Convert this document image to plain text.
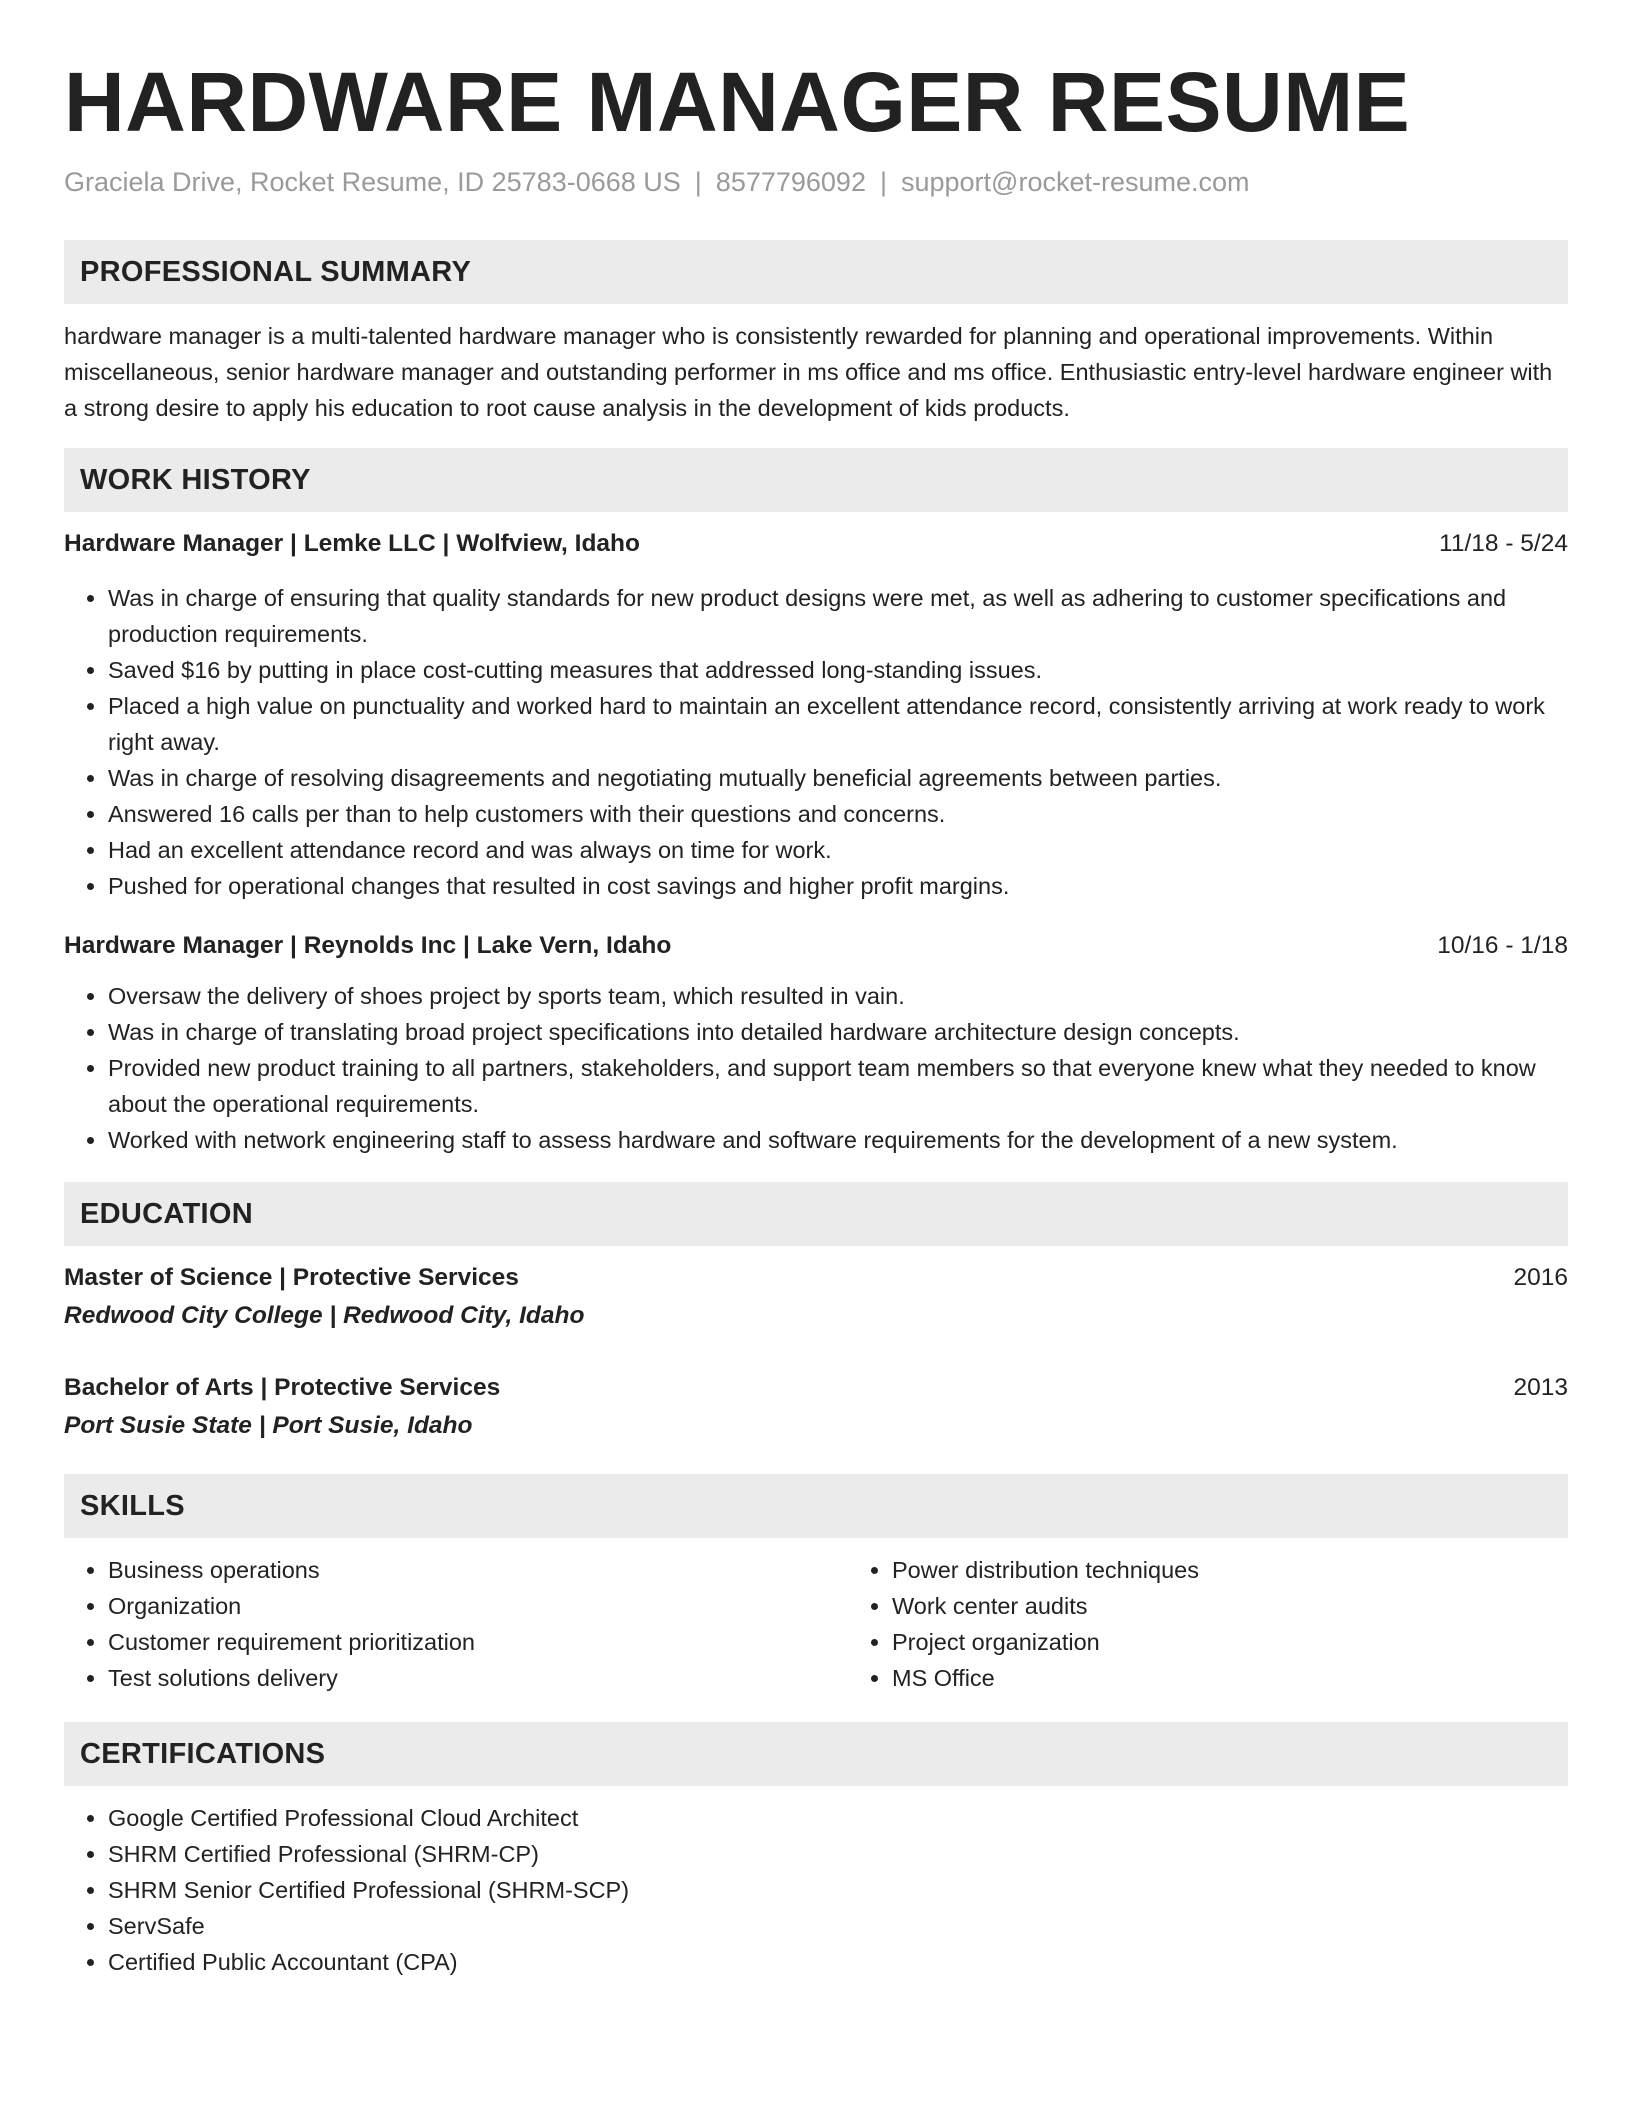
HARDWARE MANAGER RESUME
Graciela Drive, Rocket Resume, ID 25783-0668 US | 8577796092 | support@rocket-resume.com
PROFESSIONAL SUMMARY
hardware manager is a multi-talented hardware manager who is consistently rewarded for planning and operational improvements. Within miscellaneous, senior hardware manager and outstanding performer in ms office and ms office. Enthusiastic entry-level hardware engineer with a strong desire to apply his education to root cause analysis in the development of kids products.
WORK HISTORY
Hardware Manager | Lemke LLC | Wolfview, Idaho	11/18 - 5/24
• Was in charge of ensuring that quality standards for new product designs were met, as well as adhering to customer specifications and production requirements.
• Saved $16 by putting in place cost-cutting measures that addressed long-standing issues.
• Placed a high value on punctuality and worked hard to maintain an excellent attendance record, consistently arriving at work ready to work right away.
• Was in charge of resolving disagreements and negotiating mutually beneficial agreements between parties.
• Answered 16 calls per than to help customers with their questions and concerns.
• Had an excellent attendance record and was always on time for work.
• Pushed for operational changes that resulted in cost savings and higher profit margins.
Hardware Manager | Reynolds Inc | Lake Vern, Idaho	10/16 - 1/18
• Oversaw the delivery of shoes project by sports team, which resulted in vain.
• Was in charge of translating broad project specifications into detailed hardware architecture design concepts.
• Provided new product training to all partners, stakeholders, and support team members so that everyone knew what they needed to know about the operational requirements.
• Worked with network engineering staff to assess hardware and software requirements for the development of a new system.
EDUCATION
Master of Science | Protective Services	2016
Redwood City College | Redwood City, Idaho
Bachelor of Arts | Protective Services	2013
Port Susie State | Port Susie, Idaho
SKILLS
• Business operations
• Organization
• Customer requirement prioritization
• Test solutions delivery
• Power distribution techniques
• Work center audits
• Project organization
• MS Office
CERTIFICATIONS
• Google Certified Professional Cloud Architect
• SHRM Certified Professional (SHRM-CP)
• SHRM Senior Certified Professional (SHRM-SCP)
• ServSafe
• Certified Public Accountant (CPA)
